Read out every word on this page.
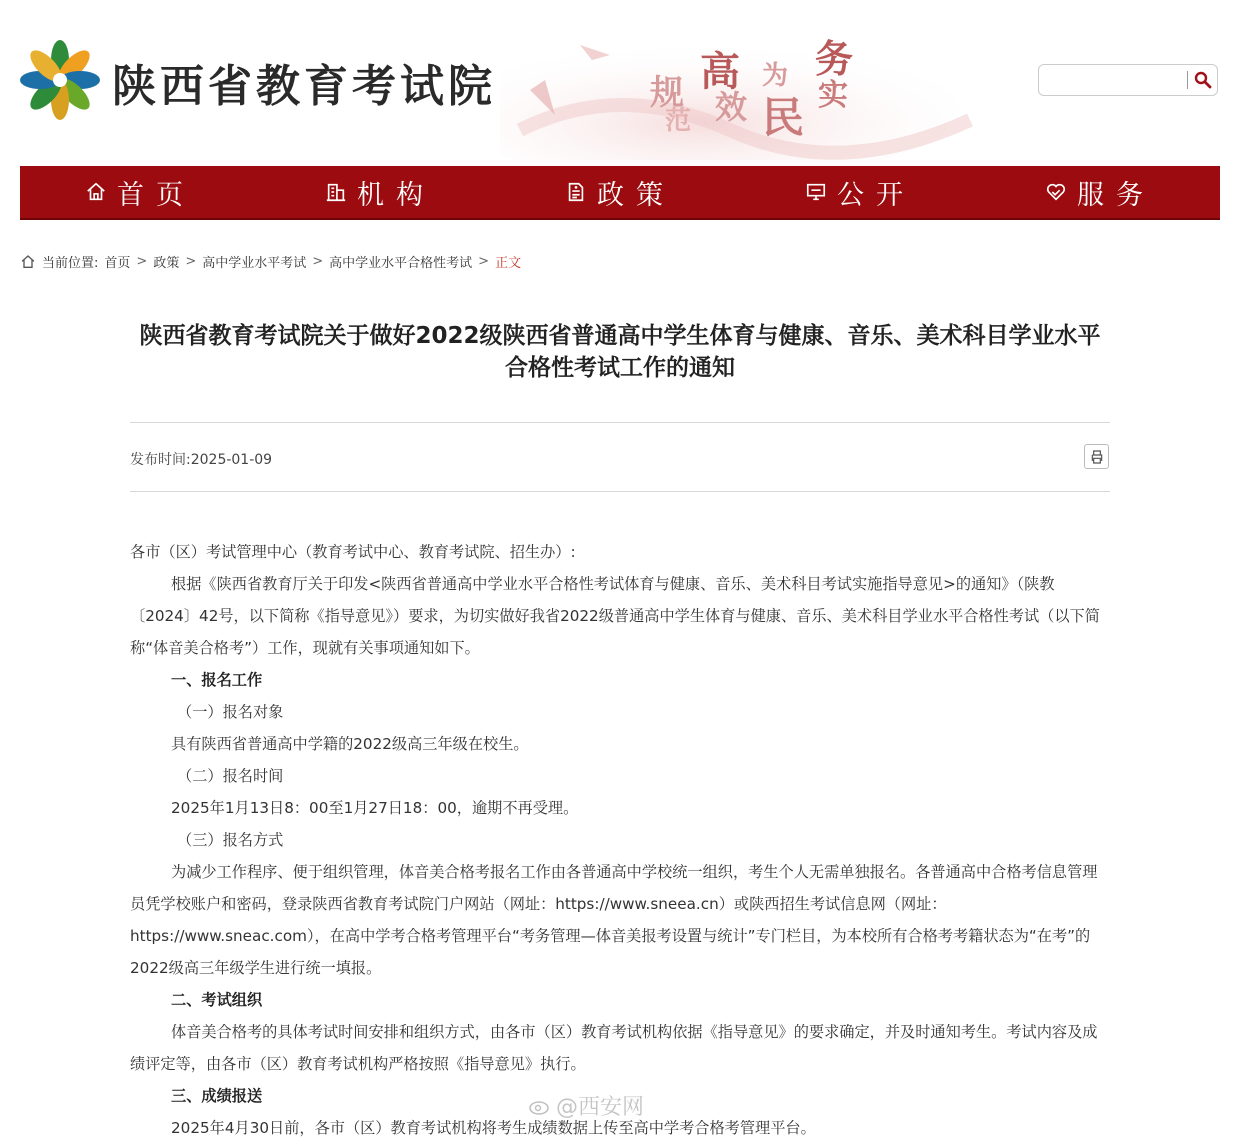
陕西省教育考试院	规
范
高
效
为
民
务
实
首页	机构	政策	公开	服务
当前位置: 首页 > 政策 > 高中学业水平考试 > 高中学业水平合格性考试 > 正文
陕西省教育考试院关于做好2022级陕西省普通高中学生体育与健康、音乐、美术科目学业水平合格性考试工作的通知
发布时间:2025-01-09

各市（区）考试管理中心（教育考试中心、教育考试院、招生办）:

根据《陕西省教育厅关于印发<陕西省普通高中学业水平合格性考试体育与健康、音乐、美术科目考试实施指导意见>的通知》（陕教〔2024〕42号，以下简称《指导意见》）要求，为切实做好我省2022级普通高中学生体育与健康、音乐、美术科目学业水平合格性考试（以下简称“体音美合格考”）工作，现就有关事项通知如下。

一、报名工作

（一）报名对象

具有陕西省普通高中学籍的2022级高三年级在校生。

（二）报名时间

2025年1月13日8：00至1月27日18：00，逾期不再受理。

（三）报名方式

为减少工作程序、便于组织管理，体音美合格考报名工作由各普通高中学校统一组织，考生个人无需单独报名。各普通高中合格考信息管理员凭学校账户和密码，登录陕西省教育考试院门户网站（网址：https://www.sneea.cn）或陕西招生考试信息网（网址：https://www.sneac.com），在高中学考合格考管理平台“考务管理—体音美报考设置与统计”专门栏目，为本校所有合格考考籍状态为“在考”的2022级高三年级学生进行统一填报。

二、考试组织

体音美合格考的具体考试时间安排和组织方式，由各市（区）教育考试机构依据《指导意见》的要求确定，并及时通知考生。考试内容及成绩评定等，由各市（区）教育考试机构严格按照《指导意见》执行。

三、成绩报送

2025年4月30日前，各市（区）教育考试机构将考生成绩数据上传至高中学考合格考管理平台。

@西安网
